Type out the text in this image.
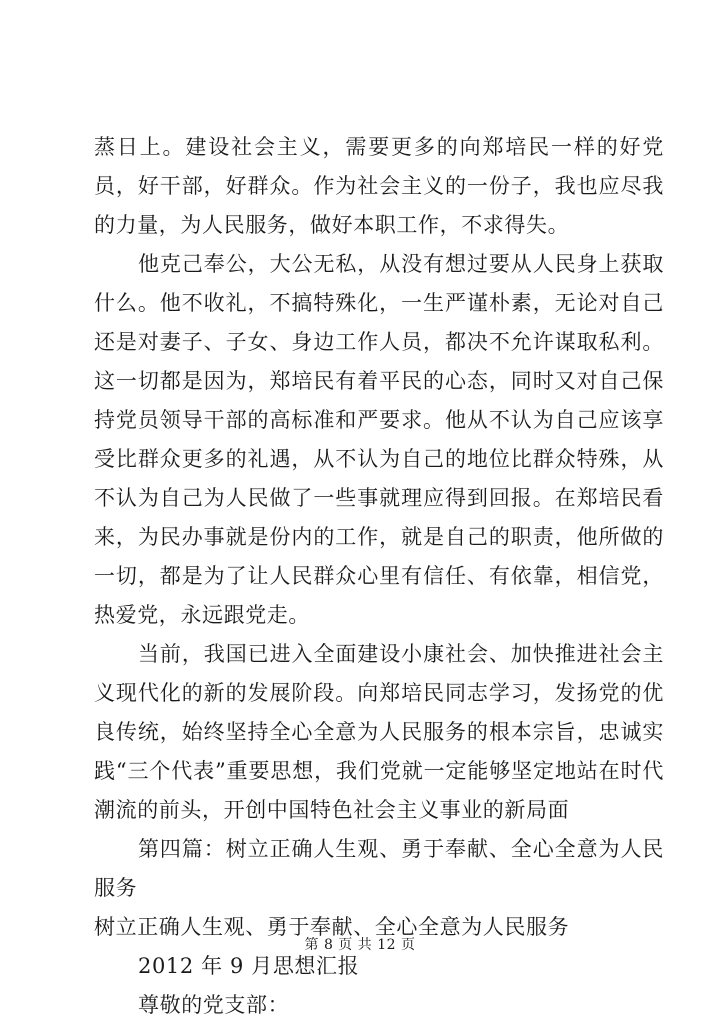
蒸日上。建设社会主义，需要更多的向郑培民一样的好党员，好干部，好群众。作为社会主义的一份子，我也应尽我的力量，为人民服务，做好本职工作，不求得失。

他克己奉公，大公无私，从没有想过要从人民身上获取什么。他不收礼，不搞特殊化，一生严谨朴素，无论对自己还是对妻子、子女、身边工作人员，都决不允许谋取私利。这一切都是因为，郑培民有着平民的心态，同时又对自己保持党员领导干部的高标准和严要求。他从不认为自己应该享受比群众更多的礼遇，从不认为自己的地位比群众特殊，从不认为自己为人民做了一些事就理应得到回报。在郑培民看来，为民办事就是份内的工作，就是自己的职责，他所做的一切，都是为了让人民群众心里有信任、有依靠，相信党，热爱党，永远跟党走。

当前，我国已进入全面建设小康社会、加快推进社会主义现代化的新的发展阶段。向郑培民同志学习，发扬党的优良传统，始终坚持全心全意为人民服务的根本宗旨，忠诚实践“三个代表”重要思想，我们党就一定能够坚定地站在时代潮流的前头，开创中国特色社会主义事业的新局面

第四篇：树立正确人生观、勇于奉献、全心全意为人民服务

树立正确人生观、勇于奉献、全心全意为人民服务

2012 年 9 月思想汇报

尊敬的党支部：

第 8 页 共 12 页
